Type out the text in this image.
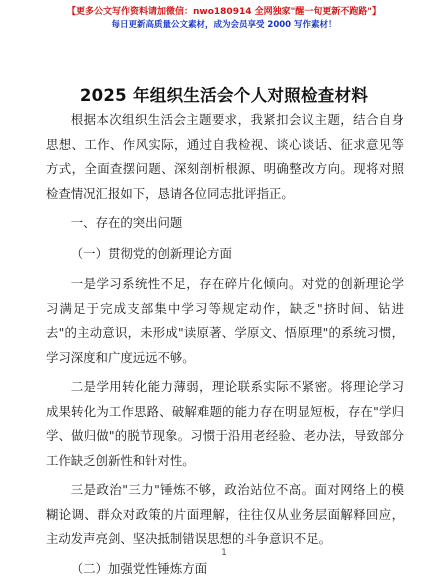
【更多公文写作资料请加微信：nwo180914 全网独家"醒一旬更新不跑路"】
每日更新高质量公文素材，成为会员享受 2000 写作素材！
2025 年组织生活会个人对照检查材料

根据本次组织生活会主题要求，我紧扣会议主题，结合自身思想、工作、作风实际，通过自我检视、谈心谈话、征求意见等方式，全面查摆问题、深刻剖析根源、明确整改方向。现将对照检查情况汇报如下，恳请各位同志批评指正。

一、存在的突出问题

（一）贯彻党的创新理论方面

一是学习系统性不足，存在碎片化倾向。对党的创新理论学习满足于完成支部集中学习等规定动作，缺乏"挤时间、钻进去"的主动意识，未形成"读原著、学原文、悟原理"的系统习惯，学习深度和广度远远不够。

二是学用转化能力薄弱，理论联系实际不紧密。将理论学习成果转化为工作思路、破解难题的能力存在明显短板，存在"学归学、做归做"的脱节现象。习惯于沿用老经验、老办法，导致部分工作缺乏创新性和针对性。

三是政治"三力"锤炼不够，政治站位不高。面对网络上的模糊论调、群众对政策的片面理解，往往仅从业务层面解释回应，主动发声亮剑、坚决抵制错误思想的斗争意识不足。

（二）加强党性锤炼方面

1
